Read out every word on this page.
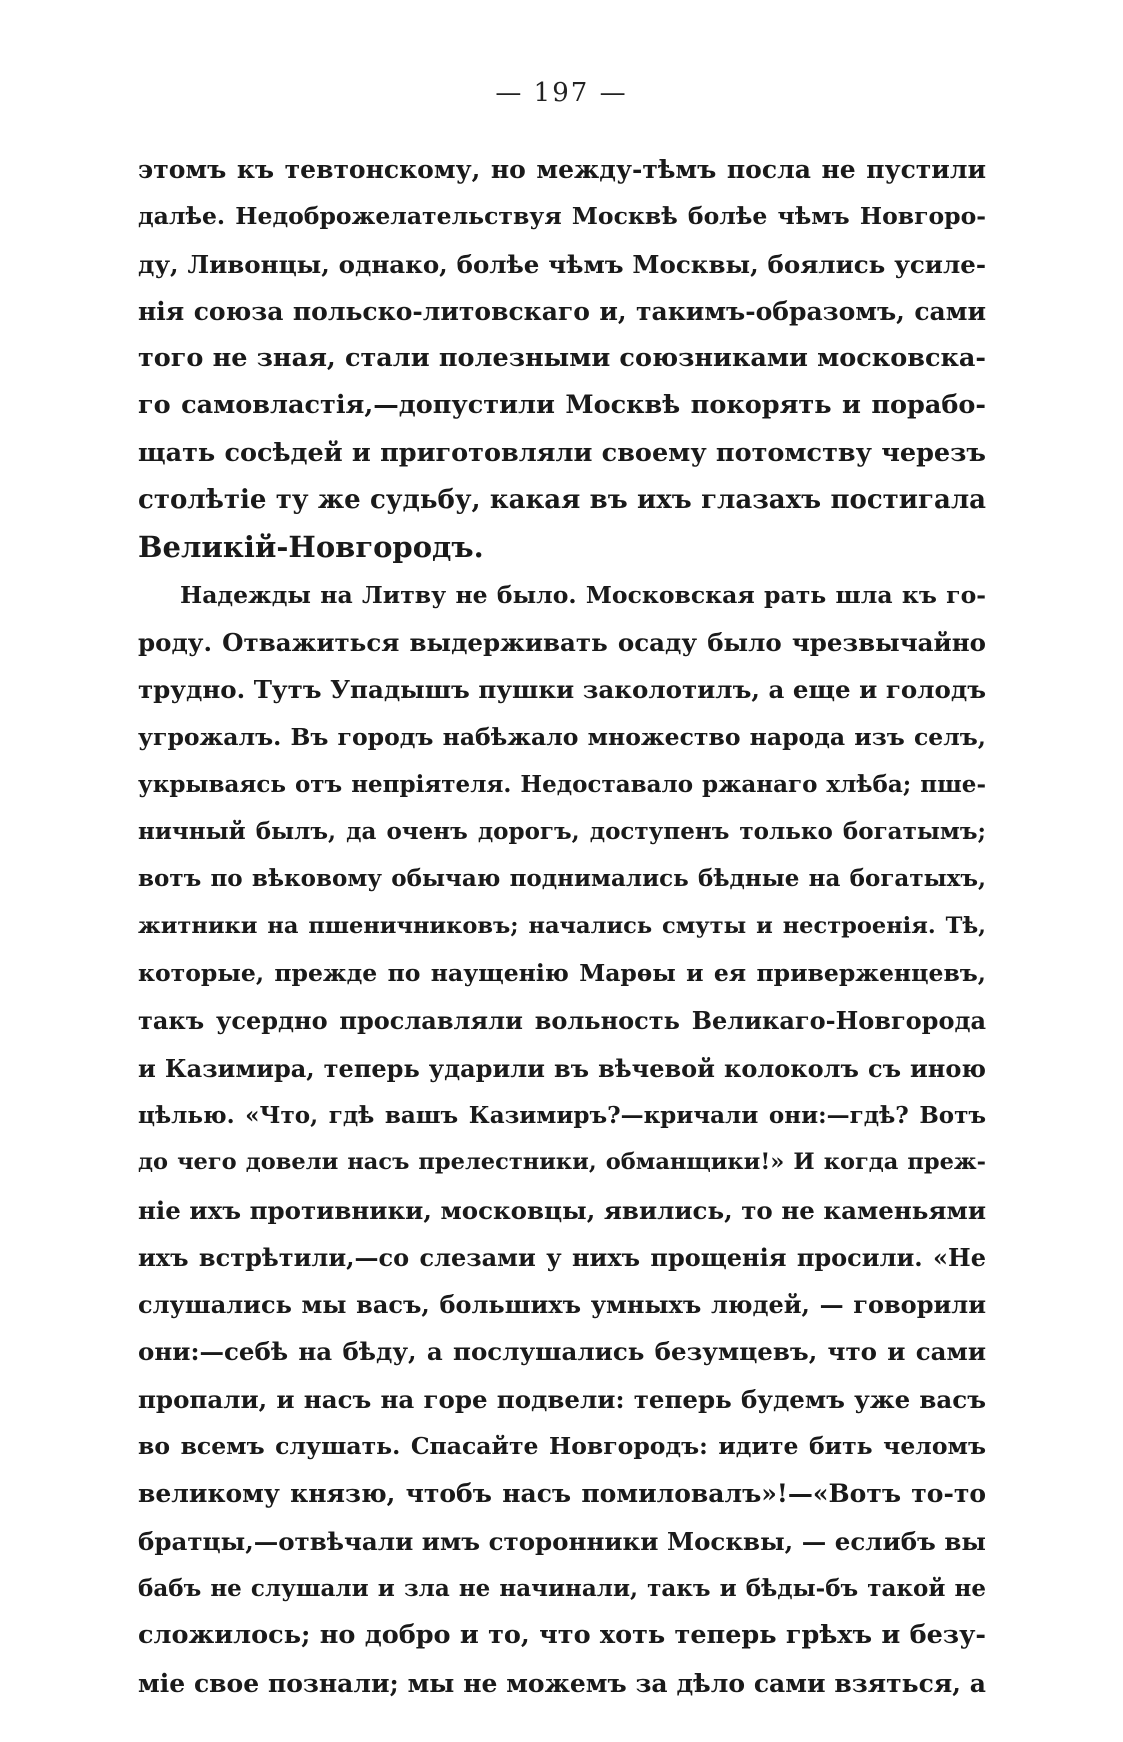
— 197 —
этомъ къ тевтонскому, но между-тѣмъ посла не пустили
далѣе. Недоброжелательствуя Москвѣ болѣе чѣмъ Новгоро-
ду, Ливонцы, однако, болѣе чѣмъ Москвы, боялись усиле-
нія союза польско-литовскаго и, такимъ-образомъ, сами
того не зная, стали полезными союзниками московска-
го самовластія,—допустили Москвѣ покорять и порабо-
щать сосѣдей и приготовляли своему потомству черезъ
столѣтіе ту же судьбу, какая въ ихъ глазахъ постигала
Великій-Новгородъ.
Надежды на Литву не было. Московская рать шла къ го-
роду. Отважиться выдерживать осаду было чрезвычайно
трудно. Тутъ Упадышъ пушки заколотилъ, а еще и голодъ
угрожалъ. Въ городъ набѣжало множество народа изъ селъ,
укрываясь отъ непріятеля. Недоставало ржанаго хлѣба; пше-
ничный былъ, да оченъ дорогъ, доступенъ только богатымъ;
вотъ по вѣковому обычаю поднимались бѣдные на богатыхъ,
житники на пшеничниковъ; начались смуты и нестроенія. Тѣ,
которые, прежде по наущенію Марѳы и ея приверженцевъ,
такъ усердно прославляли вольность Великаго-Новгорода
и Казимира, теперь ударили въ вѣчевой колоколъ съ иною
цѣлью. «Что, гдѣ вашъ Казимиръ?—кричали они:—гдѣ? Вотъ
до чего довели насъ прелестники, обманщики!» И когда преж-
ніе ихъ противники, московцы, явились, то не каменьями
ихъ встрѣтили,—со слезами у нихъ прощенія просили. «Не
слушались мы васъ, большихъ умныхъ людей, — говорили
они:—себѣ на бѣду, а послушались безумцевъ, что и сами
пропали, и насъ на горе подвели: теперь будемъ уже васъ
во всемъ слушать. Спасайте Новгородъ: идите бить челомъ
великому князю, чтобъ насъ помиловалъ»!—«Вотъ то-то
братцы,—отвѣчали имъ сторонники Москвы, — еслибъ вы
бабъ не слушали и зла не начинали, такъ и бѣды-бъ такой не
сложилось; но добро и то, что хоть теперь грѣхъ и безу-
міе свое познали; мы не можемъ за дѣло сами взяться, а
